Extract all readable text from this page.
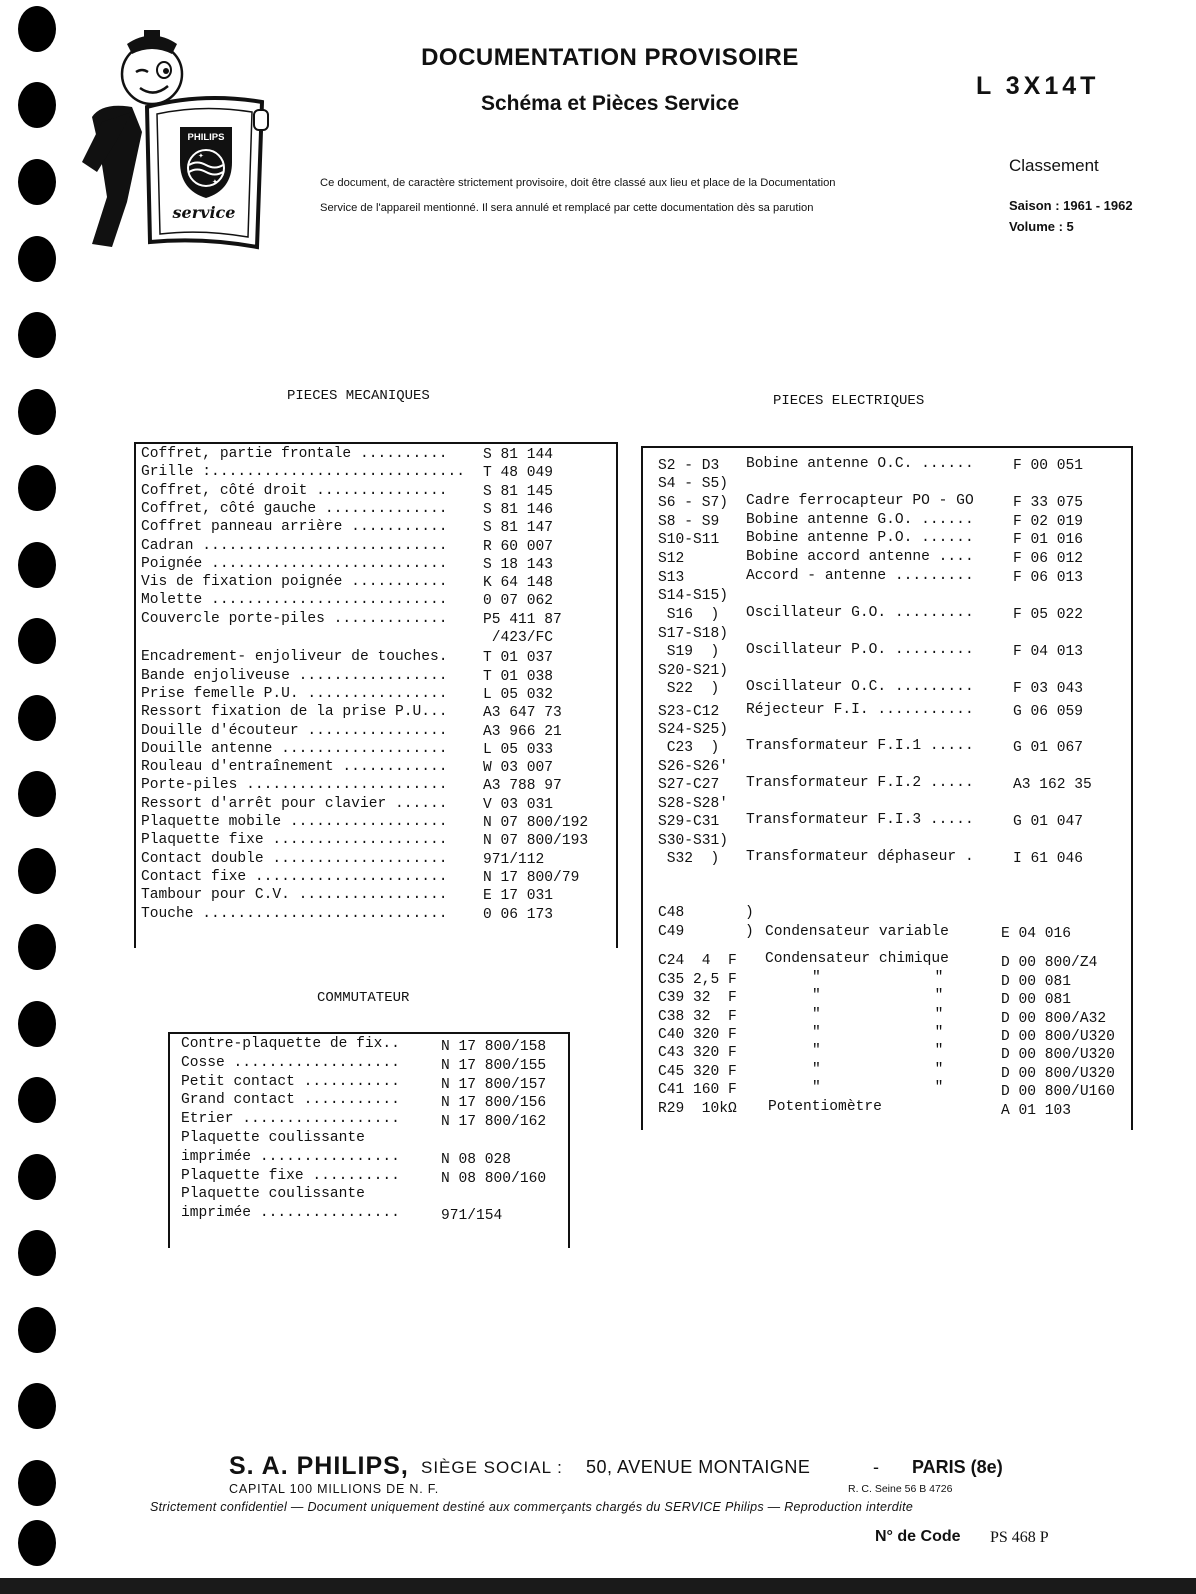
PHILIPS
✦
✦
service
DOCUMENTATION PROVISOIRE
Schéma et Pièces Service
L 3X14T
Ce document, de caractère strictement provisoire, doit être classé aux lieu et place de la Documentation
Service de l'appareil mentionné. Il sera annulé et remplacé par cette documentation dès sa parution
Classement
Saison : 1961 - 1962
Volume : 5
PIECES MECANIQUES	PIECES ELECTRIQUES
COMMUTATEUR
Coffret, partie frontale .......... S 81 144
Grille :............................. T 48 049
Coffret, côté droit ............... S 81 145
Coffret, côté gauche .............. S 81 146
Coffret panneau arrière ........... S 81 147
Cadran ............................ R 60 007
Poignée ........................... S 18 143
Vis de fixation poignée ........... K 64 148
Molette ........................... 0 07 062
Couvercle porte-piles ............. P5 411 87
/423/FC
Encadrement- enjoliveur de touches. T 01 037
Bande enjoliveuse ................. T 01 038
Prise femelle P.U. ................ L 05 032
Ressort fixation de la prise P.U... A3 647 73
Douille d'écouteur ................ A3 966 21
Douille antenne ................... L 05 033
Rouleau d'entraînement ............ W 03 007
Porte-piles ....................... A3 788 97
Ressort d'arrêt pour clavier ...... V 03 031
Plaquette mobile .................. N 07 800/192
Plaquette fixe .................... N 07 800/193
Contact double .................... 971/112
Contact fixe ...................... N 17 800/79
Tambour pour C.V. ................. E 17 031
Touche ............................ 0 06 173
Contre-plaquette de fix..	N 17 800/158
Cosse ...................	N 17 800/155
Petit contact ...........	N 17 800/157
Grand contact ...........	N 17 800/156
Etrier ..................	N 17 800/162
Plaquette coulissante
imprimée ................	N 08 028
Plaquette fixe ..........	N 08 800/160
Plaquette coulissante
imprimée ................	971/154
S2 - D3 Bobine antenne O.C. ......	F 00 051
S4 - S5)
S6 - S7) Cadre ferrocapteur PO - GO	F 33 075
S8 - S9 Bobine antenne G.O. ......	F 02 019
S10-S11 Bobine antenne P.O. ......	F 01 016
S12	Bobine accord antenne ....	F 06 012
S13	Accord - antenne .........	F 06 013
S14-S15)
S16  ) Oscillateur G.O. .........	F 05 022
S17-S18)
S19  ) Oscillateur P.O. .........	F 04 013
S20-S21)
S22  ) Oscillateur O.C. .........	F 03 043
S23-C12 Réjecteur F.I. ...........	G 06 059
S24-S25)
C23  ) Transformateur F.I.1 .....	G 01 067
S26-S26'
S27-C27 Transformateur F.I.2 .....	A3 162 35
S28-S28'
S29-C31 Transformateur F.I.3 .....	G 01 047
S30-S31)
S32  ) Transformateur déphaseur .	I 61 046
C48	)
C49	) Condensateur variable	E 04 016
C24  4  F Condensateur chimique	D 00 800/Z4
C35 2,5 F	"             "	D 00 081
C39 32  F	"             "	D 00 081
C38 32  F	"             "	D 00 800/A32
C40 320 F	"             "	D 00 800/U320
C43 320 F	"             "	D 00 800/U320
C45 320 F	"             "	D 00 800/U320
C41 160 F	"             "	D 00 800/U160
R29  10kΩ Potentiomètre	A 01 103
S. A. PHILIPS, SIÈGE SOCIAL : 50, AVENUE MONTAIGNE	- PARIS (8e)
CAPITAL 100 MILLIONS DE N. F.	R. C. Seine 56 B 4726
Strictement confidentiel — Document uniquement destiné aux commerçants chargés du SERVICE Philips — Reproduction interdite
N° de Code PS 468 P
